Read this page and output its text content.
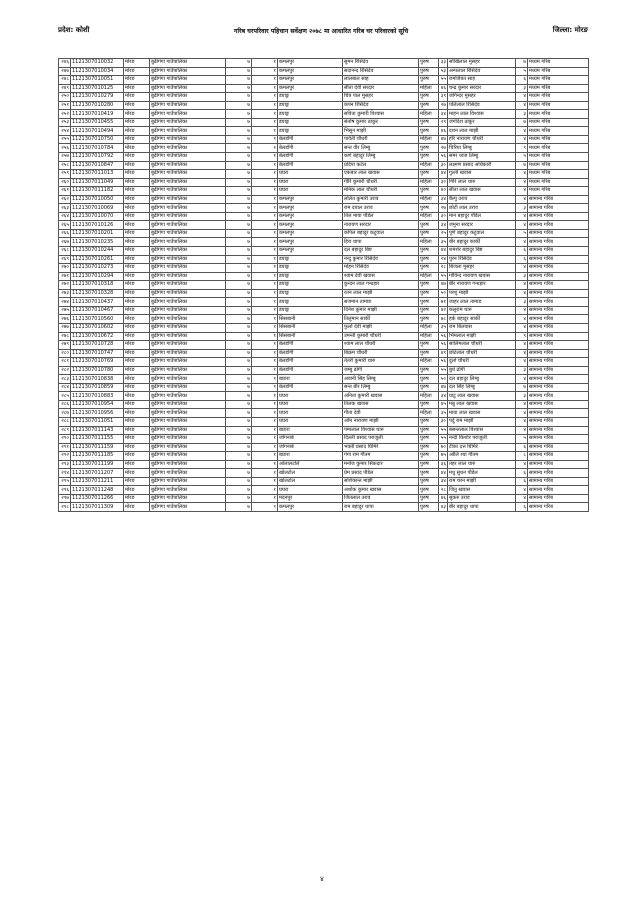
प्रदेश: कोशी	गरिब घरपरिवार पहिचान सर्वेक्षण २०७८ मा आधारित गरिब घर परिवारको सूचि	जिल्ला: मोरङ
२४६	1121307010032	मोरङ	बुढीगंगा गाउँपालिका	७	१	कमलपुर	सुमन रिसिदेव	पुरुष	३३	सोखिलाल मुसहर	७	मध्यम गरिब
२४७	1121307010034	मोरङ	बुढीगंगा गाउँपालिका	७	१	कमलपुर	सदानन्द रिसिदेव	पुरुष	५३	अन्पलाल रिसिदेव	५	मध्यम गरिब
२४८	1121307010051	मोरङ	बुढीगंगा गाउँपालिका	७	१	कमलपुर	लालबाल साह	पुरुष	५५	रामजियत साह	६	मध्यम गरिब
२४९	1121307010125	मोरङ	बुढीगंगा गाउँपालिका	७	१	कमलपुर	सीता देवी सरदार	महिला	४६	चन्द्र कुमार सरदार	३	मध्यम गरिब
२५०	1121307010279	मोरङ	बुढीगंगा गाउँपालिका	७	१	डयाङ्ग	चित्र पाल मुसहर	पुरुष	३९	जगिन्दर मुसहर	४	मध्यम गरिब
२५१	1121307010280	मोरङ	बुढीगंगा गाउँपालिका	७	१	डयाङ्ग	कपन रिसिदेव	पुरुष	२७	पलिलाल रिसिदेव	४	मध्यम गरिब
२५२	1121307010419	मोरङ	बुढीगंगा गाउँपालिका	७	१	डयाङ्ग	सविता कुमारी विश्वास	महिला	३४	माहन लाल विश्वास	३	मध्यम गरिब
२५३	1121307010455	मोरङ	बुढीगंगा गाउँपालिका	७	१	डयाङ्ग	संतोष कुमार ठाकुर	पुरुष	२९	जगदिश ठाकुर	७	मध्यम गरिब
२५४	1121307010494	मोरङ	बुढीगंगा गाउँपालिका	७	१	डयाङ्ग	भिसुन माझी	पुरुष	४६	दशन लाल माझी	४	मध्यम गरिब
२५५	1121307010750	मोरङ	बुढीगंगा गाउँपालिका	७	१	बेलडाँगी	पार्वती चौधरी	महिला	४७	हरि नारायण चौधरी	४	मध्यम गरिब
२५६	1121307010784	मोरङ	बुढीगंगा गाउँपालिका	७	१	बेलडाँगी	सन्त वीर लिम्बु	पुरुष	२७	चिरिया लिम्बु	९	मध्यम गरिब
२५७	1121307010792	मोरङ	बुढीगंगा गाउँपालिका	७	१	बेलडाँगी	कर्ण बहादुर लिम्बु	पुरुष	५६	समर ध्वज लिम्बु	५	मध्यम गरिब
२५८	1121307010847	मोरङ	बुढीगंगा गाउँपालिका	७	१	बेलडाँगी	प्रदिपा कटेल	महिला	३०	लक्ष्मण प्रसाद अधिकारी	७	मध्यम गरिब
२५९	1121307011013	मोरङ	बुढीगंगा गाउँपालिका	७	१	घघरा	एकबार लाल खवास	पुरुष	४४	गुल्ती खवास	४	मध्यम गरिब
२६०	1121307011049	मोरङ	बुढीगंगा गाउँपालिका	७	१	घघरा	गीरि कुमारी चौधरी	महिला	३०	गिरि लाल थारु	४	मध्यम गरिब
२६१	1121307011182	मोरङ	बुढीगंगा गाउँपालिका	७	१	घघरा	मनिक लाल चौधरी	पुरुष	४०	सीता लाल खवास	४	मध्यम गरिब
२६२	1121307010050	मोरङ	बुढीगंगा गाउँपालिका	७	१	कमलपुर	ललित कुमारी उराव	महिला	३४	बैल्पु उराव	४	सामान्य गरिब
२६३	1121307010069	मोरङ	बुढीगंगा गाउँपालिका	७	१	कमलपुर	राम दयाल उराव	पुरुष	२७	छोटी लाल उराव	३	सामान्य गरिब
२६४	1121307010070	मोरङ	बुढीगंगा गाउँपालिका	७	१	कमलपुर	तिल माया पौडेल	महिला	३०	मान बहादुर पौडेल	४	सामान्य गरिब
२६५	1121307010126	मोरङ	बुढीगंगा गाउँपालिका	७	१	कमलपुर	नारायण सरदार	पुरुष	३४	जमुना सरदार	४	सामान्य गरिब
२६६	1121307010201	मोरङ	बुढीगंगा गाउँपालिका	७	१	कमलपुर	कपिल बहादुर कटुवाल	पुरुष	२५	पूर्ण बहादुर कटुवाल	५	सामान्य गरिब
२६७	1121307010235	मोरङ	बुढीगंगा गाउँपालिका	७	१	कमलपुर	हिरा थापा	महिला	३५	बीर बहादुर कार्की	४	सामान्य गरिब
२६८	1121307010244	मोरङ	बुढीगंगा गाउँपालिका	७	१	कमलपुर	दल बहादुर बिष्ट	पुरुष	४४	शमशेर बहादुर बिष्ट	६	सामान्य गरिब
२६९	1121307010261	मोरङ	बुढीगंगा गाउँपालिका	७	१	डयाङ्ग	नन्दु कुमार रिसिदेव	पुरुष	२४	पुरन रिसिदेव	६	सामान्य गरिब
२७०	1121307010273	मोरङ	बुढीगंगा गाउँपालिका	७	१	डयाङ्ग	मोहन रिसिदेव	पुरुष	२८	बिजला मुसहर	४	सामान्य गरिब
२७१	1121307010294	मोरङ	बुढीगंगा गाउँपालिका	७	१	डयाङ्ग	श्याम देवी खवास	महिला	५५	गोविन्द नारायण खवास	३	सामान्य गरिब
२७२	1121307010318	मोरङ	बुढीगंगा गाउँपालिका	७	१	डयाङ्ग	कुन्दन लाल गन्धहार	पुरुष	४७	बीर नारायण गन्धहार	४	सामान्य गरिब
२७३	1121307010328	मोरङ	बुढीगंगा गाउँपालिका	७	१	डयाङ्ग	रतन लाल माझी	पुरुष	५०	परशु माझी	४	सामान्य गरिब
२७४	1121307010437	मोरङ	बुढीगंगा गाउँपालिका	७	१	डयाङ्ग	सजमान तामाङ	पुरुष	७१	जाहर लाल तामाङ	३	सामान्य गरिब
२७५	1121307010467	मोरङ	बुढीगंगा गाउँपालिका	७	१	डयाङ्ग	दिनेश कुमार माझी	पुरुष	४२	कलुराम थारु	४	सामान्य गरिब
२७६	1121307010560	मोरङ	बुढीगंगा गाउँपालिका	७	१	सिसबानी	तिलुमान सार्की	पुरुष	७८	हर्क बहादुर सार्की	४	सामान्य गरिब
२७७	1121307010602	मोरङ	बुढीगंगा गाउँपालिका	७	१	सिसबानी	फुलो देवी माझी	महिला	३५	राम बिलवास	४	सामान्य गरिब
२७८	1121307010672	मोरङ	बुढीगंगा गाउँपालिका	७	१	सिसबानी	उमन्ती कुमारी चौधरी	महिला	५६	भिमलाल माझी	९	सामान्य गरिब
२७९	1121307010728	मोरङ	बुढीगंगा गाउँपालिका	७	१	बेलडाँगी	श्याम लाल चौधरी	पुरुष	५६	सालिमलाल चौधरी	४	सामान्य गरिब
२८०	1121307010747	मोरङ	बुढीगंगा गाउँपालिका	७	१	बेलडाँगी	बिक्रम चौधरी	पुरुष	४९	छोटेलाल चौधरी	४	सामान्य गरिब
२८१	1121307010769	मोरङ	बुढीगंगा गाउँपालिका	७	१	बेलडाँगी	तेतरी कुमारी थारु	महिला	५६	दुलो चौधरी	४	सामान्य गरिब
२८२	1121307010780	मोरङ	बुढीगंगा गाउँपालिका	७	१	बेलडाँगी	जम्बु ढोंगी	पुरुष	५५	बुधे ढोंगी	३	सामान्य गरिब
२८३	1121307010838	मोरङ	बुढीगंगा गाउँपालिका	७	१	बाङरा	अवानी सिंह लिम्बु	पुरुष	५०	दल बहादुर लिम्बु	४	सामान्य गरिब
२८४	1121307010859	मोरङ	बुढीगंगा गाउँपालिका	७	१	बेलडाँगी	सन्त बीर लिम्बु	पुरुष	४७	दल सिंह लिम्बु	७	सामान्य गरिब
२८५	1121307010883	मोरङ	बुढीगंगा गाउँपालिका	७	१	घघरा	अनिता कुमारी खवास	महिला	३४	घाटु लाल खवास	३	सामान्य गरिब
२८६	1121307010954	मोरङ	बुढीगंगा गाउँपालिका	७	१	घघरा	तिलक खवास	पुरुष	४५	मन्नु लाल खवास	४	सामान्य गरिब
२८७	1121307010956	मोरङ	बुढीगंगा गाउँपालिका	७	१	घघरा	गीता देवी	महिला	३५	माया लाल खवास	४	सामान्य गरिब
२८८	1121307011051	मोरङ	बुढीगंगा गाउँपालिका	७	१	घघरा	ओम नारायण माझी	पुरुष	३०	पर्दु राम माझी	४	सामान्य गरिब
२८९	1121307011143	मोरङ	बुढीगंगा गाउँपालिका	७	१	बाङरा	पम्पलाल विश्वास थारु	पुरुष	५५	बसन्तलाल विश्वास	४	सामान्य गरिब
२९०	1121307011155	मोरङ	बुढीगंगा गाउँपालिका	७	१	जोगनाबे	दिल्ली प्रसाद पराजुली	पुरुष	५५	नन्दी किशोर पराजुली	५	सामान्य गरिब
२९१	1121307011159	मोरङ	बुढीगंगा गाउँपालिका	७	१	जोगनाबे	भक्ती प्रसाद घिमिरे	पुरुष	७०	टीका दत्त घिमिरे	६	सामान्य गरिब
२९२	1121307011185	मोरङ	बुढीगंगा गाउँपालिका	७	१	बाङरा	गंगा राम गौतम	पुरुष	७५	ओलि श्या गौतम	८	सामान्य गरिब
२९३	1121307011199	मोरङ	बुढीगंगा गाउँपालिका	७	१	ओलालटोले	मनोज कुमार सिकदार	पुरुष	३६	तहर लाल थारु	४	सामान्य गरिब
२९४	1121307011207	मोरङ	बुढीगंगा गाउँपालिका	७	१	खोलटोल	प्रेम प्रसाद पौडेल	पुरुष	४४	मधु सुधन पौडेल	६	सामान्य गरिब
२९५	1121307011211	मोरङ	बुढीगंगा गाउँपालिका	७	१	खोलटोल	सशिकान्त माझी	पुरुष	३४	राम चरन माझी	६	सामान्य गरिब
२९६	1121307011248	मोरङ	बुढीगंगा गाउँपालिका	७	१	घघरा	अशोक कुमार खवास	पुरुष	२८	जितु खवास	४	सामान्य गरिब
२९७	1121307011266	मोरङ	बुढीगंगा गाउँपालिका	७	१	मदनपुर	जितलाल उराव	पुरुष	४६	सुकरु उराव	४	सामान्य गरिब
२९८	1121307011309	मोरङ	बुढीगंगा गाउँपालिका	७	१	कमलपुर	राम बहादुर थापा	पुरुष	४३	बीर बहादुर थापा	६	सामान्य गरिब
४
